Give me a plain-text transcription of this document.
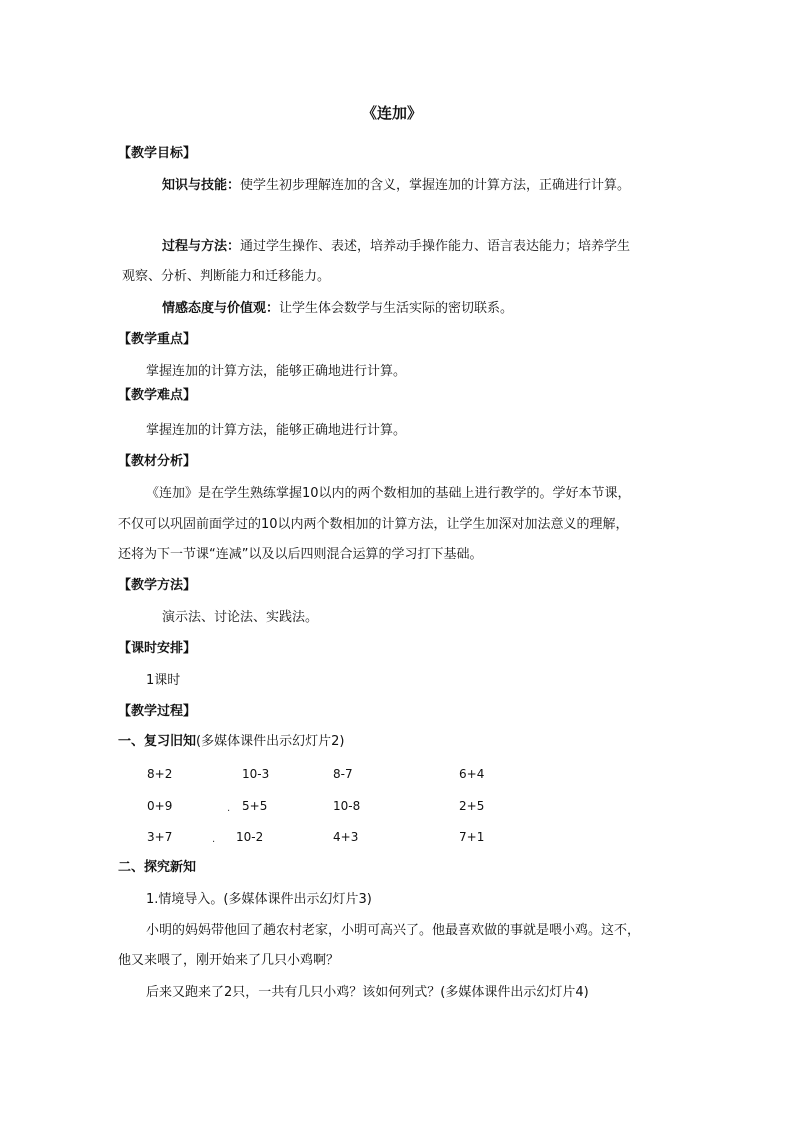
《连加》
【教学目标】
知识与技能：使学生初步理解连加的含义，掌握连加的计算方法，正确进行计算。
过程与方法：通过学生操作、表述，培养动手操作能力、语言表达能力；培养学生
观察、分析、判断能力和迁移能力。
情感态度与价值观：让学生体会数学与生活实际的密切联系。
【教学重点】
掌握连加的计算方法，能够正确地进行计算。
【教学难点】
掌握连加的计算方法，能够正确地进行计算。
【教材分析】
《连加》是在学生熟练掌握10以内的两个数相加的基础上进行教学的。学好本节课，
不仅可以巩固前面学过的10以内两个数相加的计算方法，让学生加深对加法意义的理解，
还将为下一节课“连减”以及以后四则混合运算的学习打下基础。
【教学方法】
演示法、讨论法、实践法。
【课时安排】
1课时
【教学过程】
一、复习旧知(多媒体课件出示幻灯片2)
8+2	10-3	8-7	6+4
0+9	. 5+5	10-8	2+5
3+7	. 10-2	4+3	7+1
二、探究新知
1.情境导入。(多媒体课件出示幻灯片3)
小明的妈妈带他回了趟农村老家，小明可高兴了。他最喜欢做的事就是喂小鸡。这不，
他又来喂了，刚开始来了几只小鸡啊？
后来又跑来了2只，一共有几只小鸡？该如何列式？(多媒体课件出示幻灯片4)
